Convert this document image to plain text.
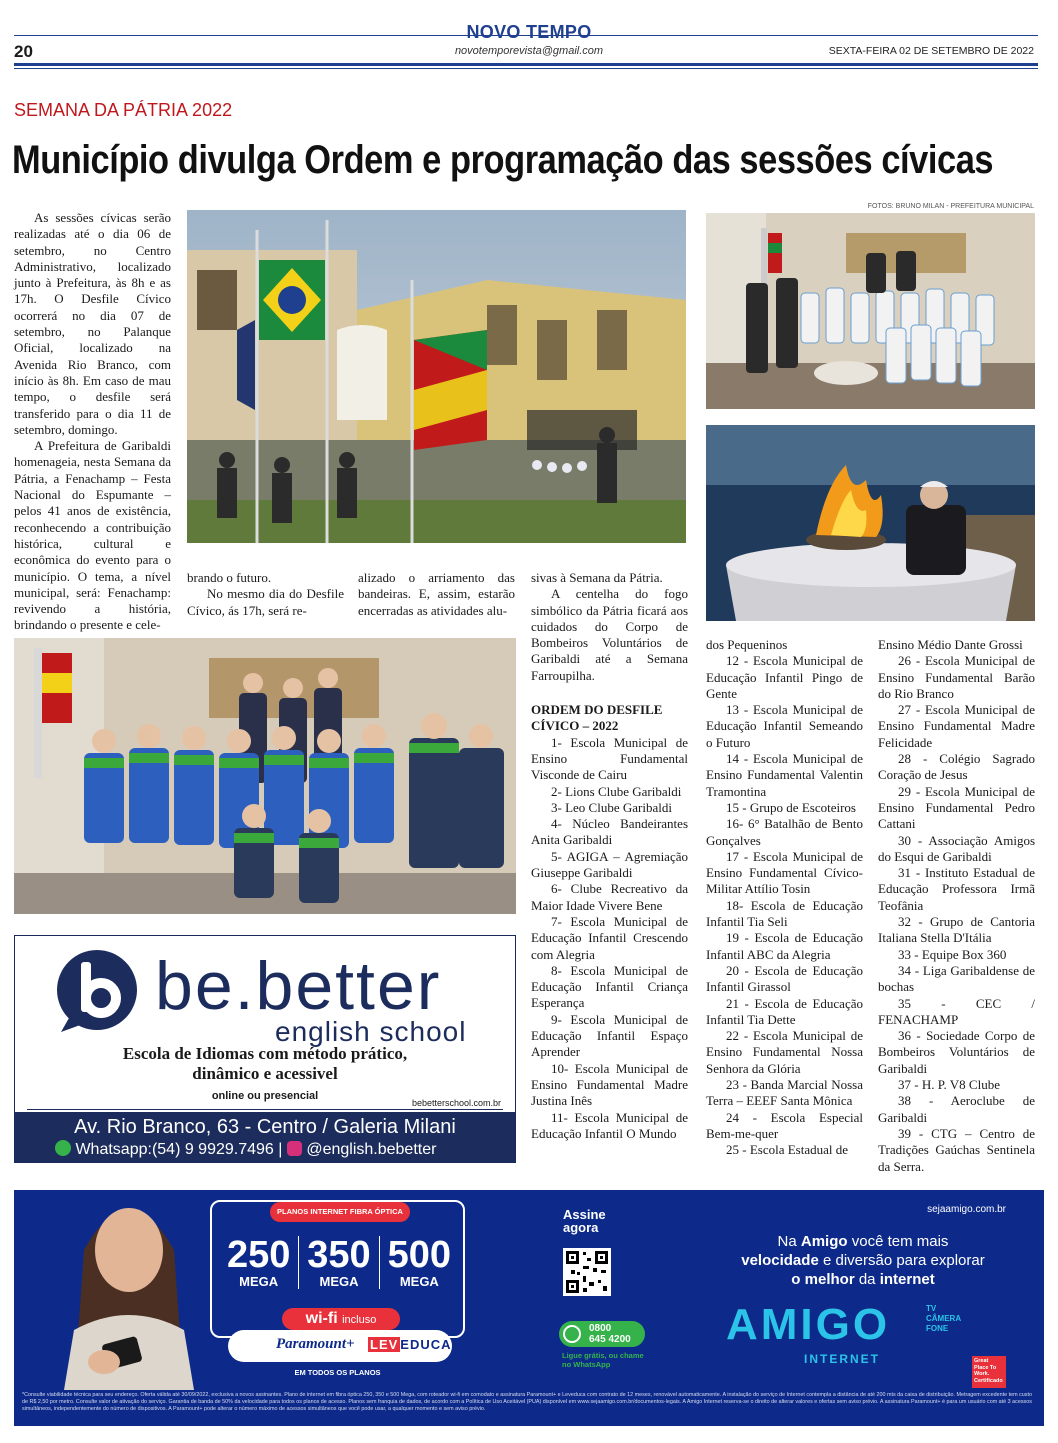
NOVO TEMPO
novotemporevista@gmail.com
20	SEXTA-FEIRA 02 DE SETEMBRO DE 2022
SEMANA DA PÁTRIA 2022
Município divulga Ordem e programação das sessões cívicas
FOTOS: BRUNO MILAN - PREFEITURA MUNICIPAL

As sessões cívicas serão realizadas até o dia 06 de setembro, no Centro Administrativo, localizado junto à Prefeitura, às 8h e as 17h. O Desfile Cívico ocorrerá no dia 07 de setembro, no Palanque Oficial, localizado na Avenida Rio Branco, com início às 8h. Em caso de mau tempo, o desfile será transferido para o dia 11 de setembro, domingo.

A Prefeitura de Garibaldi homenageia, nesta Semana da Pátria, a Fenachamp – Festa Nacional do Espumante – pelos 41 anos de existência, reconhecendo a contribuição histórica, cultural e econômica do evento para o município. O tema, a nível municipal, será: Fenachamp: revivendo a história, brindando o presente e cele-

brando o futuro.

No mesmo dia do Desfile Cívico, ás 17h, será re-

alizado o arriamento das bandeiras. E, assim, estarão encerradas as atividades alu-

sivas à Semana da Pátria.

A centelha do fogo simbólico da Pátria ficará aos cuidados do Corpo de Bombeiros Voluntários de Garibaldi até a Semana Farroupilha.

ORDEM DO DESFILE CÍVICO – 2022

1- Escola Municipal de Ensino Fundamental Visconde de Cairu

2- Lions Clube Garibaldi

3- Leo Clube Garibaldi

4- Núcleo Bandeirantes Anita Garibaldi

5- AGIGA – Agremiação Giuseppe Garibaldi

6- Clube Recreativo da Maior Idade Vivere Bene

7- Escola Municipal de Educação Infantil Crescendo com Alegria

8- Escola Municipal de Educação Infantil Criança Esperança

9- Escola Municipal de Educação Infantil Espaço Aprender

10- Escola Municipal de Ensino Fundamental Madre Justina Inês

11- Escola Municipal de Educação Infantil O Mundo

dos Pequeninos

12 - Escola Municipal de Educação Infantil Pingo de Gente

13 - Escola Municipal de Educação Infantil Semeando o Futuro

14 - Escola Municipal de Ensino Fundamental Valentin Tramontina

15 - Grupo de Escoteiros

16- 6° Batalhão de Bento Gonçalves

17 - Escola Municipal de Ensino Fundamental Cívico-Militar Attílio Tosin

18- Escola de Educação Infantil Tia Seli

19 - Escola de Educação Infantil ABC da Alegria

20 - Escola de Educação Infantil Girassol

21 - Escola de Educação Infantil Tia Dette

22 - Escola Municipal de Ensino Fundamental Nossa Senhora da Glória

23 - Banda Marcial Nossa Terra – EEEF Santa Mônica

24 - Escola Especial Bem-me-quer

25 - Escola Estadual de

Ensino Médio Dante Grossi

26 - Escola Municipal de Ensino Fundamental Barão do Rio Branco

27 - Escola Municipal de Ensino Fundamental Madre Felicidade

28 - Colégio Sagrado Coração de Jesus

29 - Escola Municipal de Ensino Fundamental Pedro Cattani

30 - Associação Amigos do Esqui de Garibaldi

31 - Instituto Estadual de Educação Professora Irmã Teofânia

32 - Grupo de Cantoria Italiana Stella D'Itália

33 - Equipe Box 360

34 - Liga Garibaldense de bochas

35 - CEC / FENACHAMP

36 - Sociedade Corpo de Bombeiros Voluntários de Garibaldi

37 - H. P. V8 Clube

38 - Aeroclube de Garibaldi

39 - CTG – Centro de Tradições Gaúchas Sentinela da Serra.

be.better
english school
Escola de Idiomas com método prático,
dinâmico e acessivel
online ou presencial
bebetterschool.com.br
Av. Rio Branco, 63 - Centro / Galeria Milani
Whatsapp:(54) 9 9929.7496 |  @english.bebetter
PLANOS INTERNET FIBRA ÓPTICA
250
MEGA
350
MEGA
500
MEGA
wi-fi incluso
Paramount+ LEV EDUCA
EM TODOS OS PLANOS
Assine
agora
0800
645 4200
Ligue grátis, ou chame no WhatsApp
sejaamigo.com.br
Na Amigo você tem mais
velocidade e diversão para explorar
o melhor da internet
AMIGO
INTERNET
TV
CÂMERA
FONE
Great Place To Work. Certificado
*Consulte viabilidade técnica para seu endereço. Oferta válida até 30/09/2022, exclusiva a novos assinantes. Plano de internet em fibra óptica 250, 350 e 500 Mega, com roteador wi-fi em comodato e assinatura Paramount+ e Leveduca com contrato de 12 meses, renovável automaticamente. A instalação do serviço de Internet contempla a distância de até 200 mts da caixa de distribuição. Metragem excedente tem custo de R$ 2,50 por metro. Consulte valor de ativação do serviço. Garantia de banda de 50% da velocidade para todos os planos de acesso. Planos sem franquia de dados, de acordo com a Política de Uso Aceitável (PUA) disponível em www.sejaamigo.com.br/documentos-legais. A Amigo Internet reserva-se o direito de alterar valores e ofertas sem aviso prévio. A assinatura Paramount+ é para um usuário com até 3 acessos simultâneos, independentemente do número de dispositivos. A Paramount+ pode alterar o número máximo de acessos simultâneos que você pode usar, a qualquer momento e sem aviso prévio.
